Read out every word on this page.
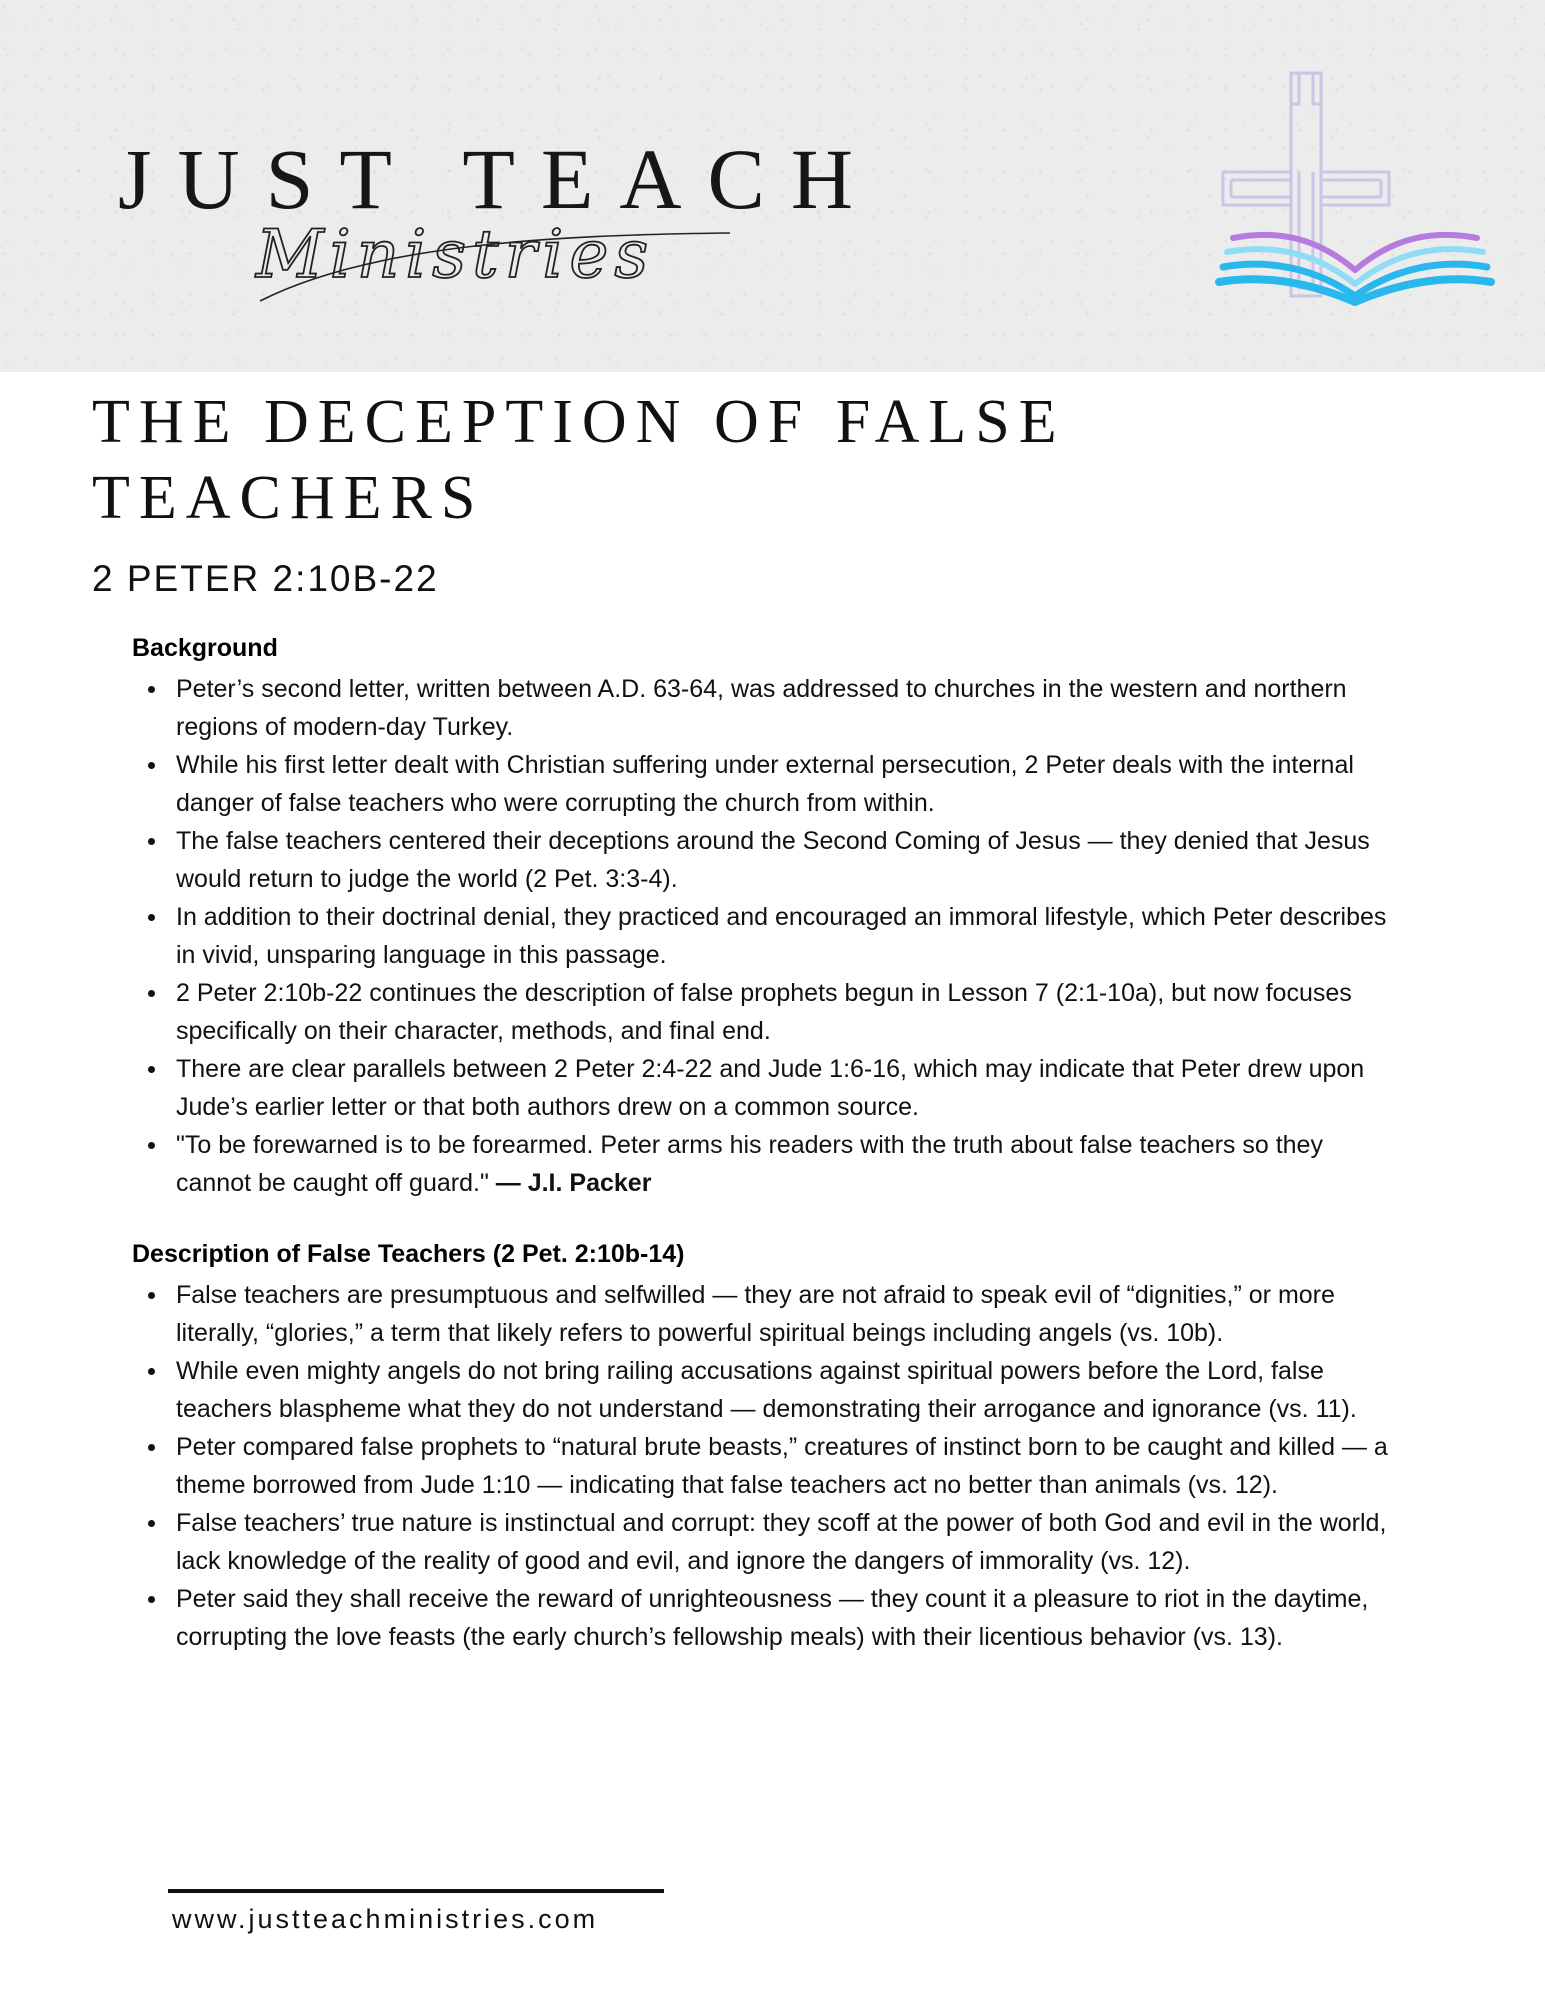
JUST TEACH
Ministries
THE DECEPTION OF FALSE TEACHERS
2 PETER 2:10B-22
Background
Peter’s second letter, written between A.D. 63-64, was addressed to churches in the western and northern regions of modern-day Turkey.
While his first letter dealt with Christian suffering under external persecution, 2 Peter deals with the internal danger of false teachers who were corrupting the church from within.
The false teachers centered their deceptions around the Second Coming of Jesus — they denied that Jesus would return to judge the world (2 Pet. 3:3-4).
In addition to their doctrinal denial, they practiced and encouraged an immoral lifestyle, which Peter describes in vivid, unsparing language in this passage.
2 Peter 2:10b-22 continues the description of false prophets begun in Lesson 7 (2:1-10a), but now focuses specifically on their character, methods, and final end.
There are clear parallels between 2 Peter 2:4-22 and Jude 1:6-16, which may indicate that Peter drew upon Jude’s earlier letter or that both authors drew on a common source.
"To be forewarned is to be forearmed. Peter arms his readers with the truth about false teachers so they cannot be caught off guard." — J.I. Packer
Description of False Teachers (2 Pet. 2:10b-14)
False teachers are presumptuous and selfwilled — they are not afraid to speak evil of “dignities,” or more literally, “glories,” a term that likely refers to powerful spiritual beings including angels (vs. 10b).
While even mighty angels do not bring railing accusations against spiritual powers before the Lord, false teachers blaspheme what they do not understand — demonstrating their arrogance and ignorance (vs. 11).
Peter compared false prophets to “natural brute beasts,” creatures of instinct born to be caught and killed — a theme borrowed from Jude 1:10 — indicating that false teachers act no better than animals (vs. 12).
False teachers’ true nature is instinctual and corrupt: they scoff at the power of both God and evil in the world, lack knowledge of the reality of good and evil, and ignore the dangers of immorality (vs. 12).
Peter said they shall receive the reward of unrighteousness — they count it a pleasure to riot in the daytime, corrupting the love feasts (the early church’s fellowship meals) with their licentious behavior (vs. 13).
www.justteachministries.com
